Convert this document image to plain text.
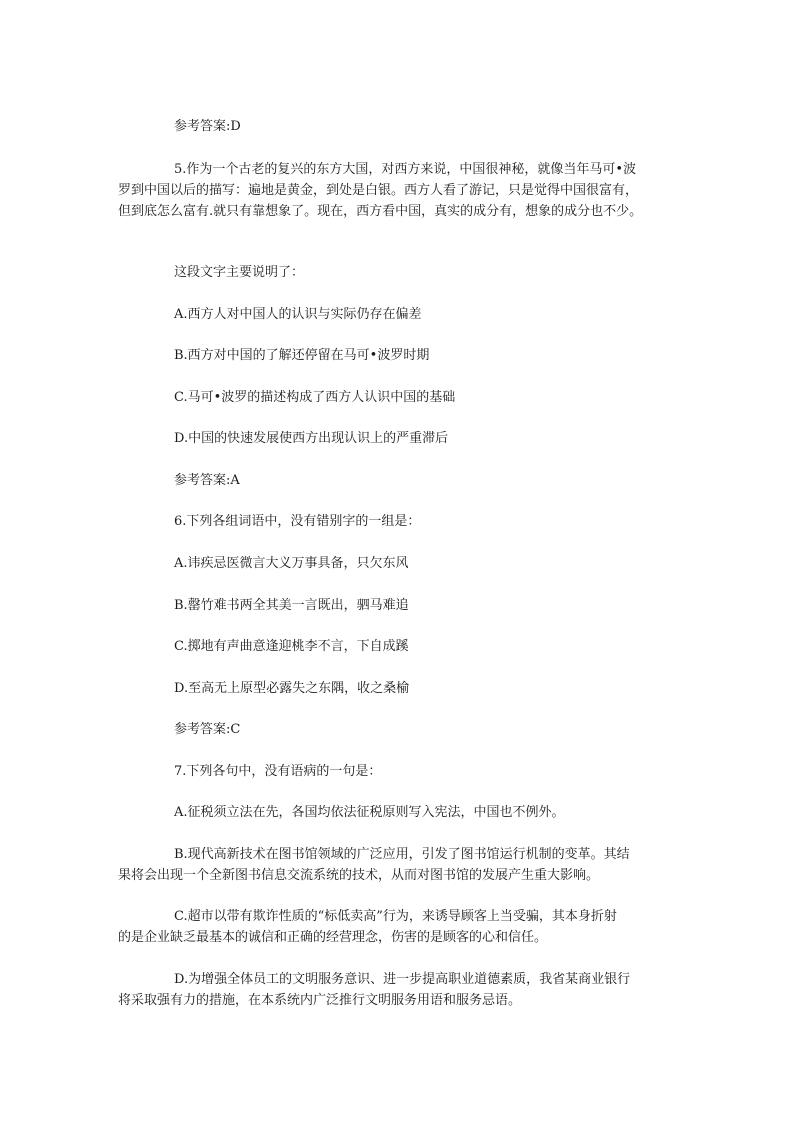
参考答案:D
5.作为一个古老的复兴的东方大国，对西方来说，中国很神秘，就像当年马可•波
罗到中国以后的描写：遍地是黄金，到处是白银。西方人看了游记，只是觉得中国很富有，
但到底怎么富有.就只有靠想象了。现在，西方看中国，真实的成分有，想象的成分也不少。
这段文字主要说明了：
A.西方人对中国人的认识与实际仍存在偏差
B.西方对中国的了解还停留在马可•波罗时期
C.马可•波罗的描述构成了西方人认识中国的基础
D.中国的快速发展使西方出现认识上的严重滞后
参考答案:A
6.下列各组词语中，没有错别字的一组是：
A.讳疾忌医微言大义万事具备，只欠东风
B.罄竹难书两全其美一言既出，驷马难追
C.掷地有声曲意逢迎桃李不言，下自成蹊
D.至高无上原型必露失之东隅，收之桑榆
参考答案:C
7.下列各句中，没有语病的一句是：
A.征税须立法在先，各国均依法征税原则写入宪法，中国也不例外。
B.现代高新技术在图书馆领域的广泛应用，引发了图书馆运行机制的变革。其结
果将会出现一个全新图书信息交流系统的技术，从而对图书馆的发展产生重大影响。
C.超市以带有欺诈性质的“标低卖高”行为，来诱导顾客上当受骗，其本身折射
的是企业缺乏最基本的诚信和正确的经营理念，伤害的是顾客的心和信任。
D.为增强全体员工的文明服务意识、进一步提高职业道德素质，我省某商业银行
将采取强有力的措施，在本系统内广泛推行文明服务用语和服务忌语。
